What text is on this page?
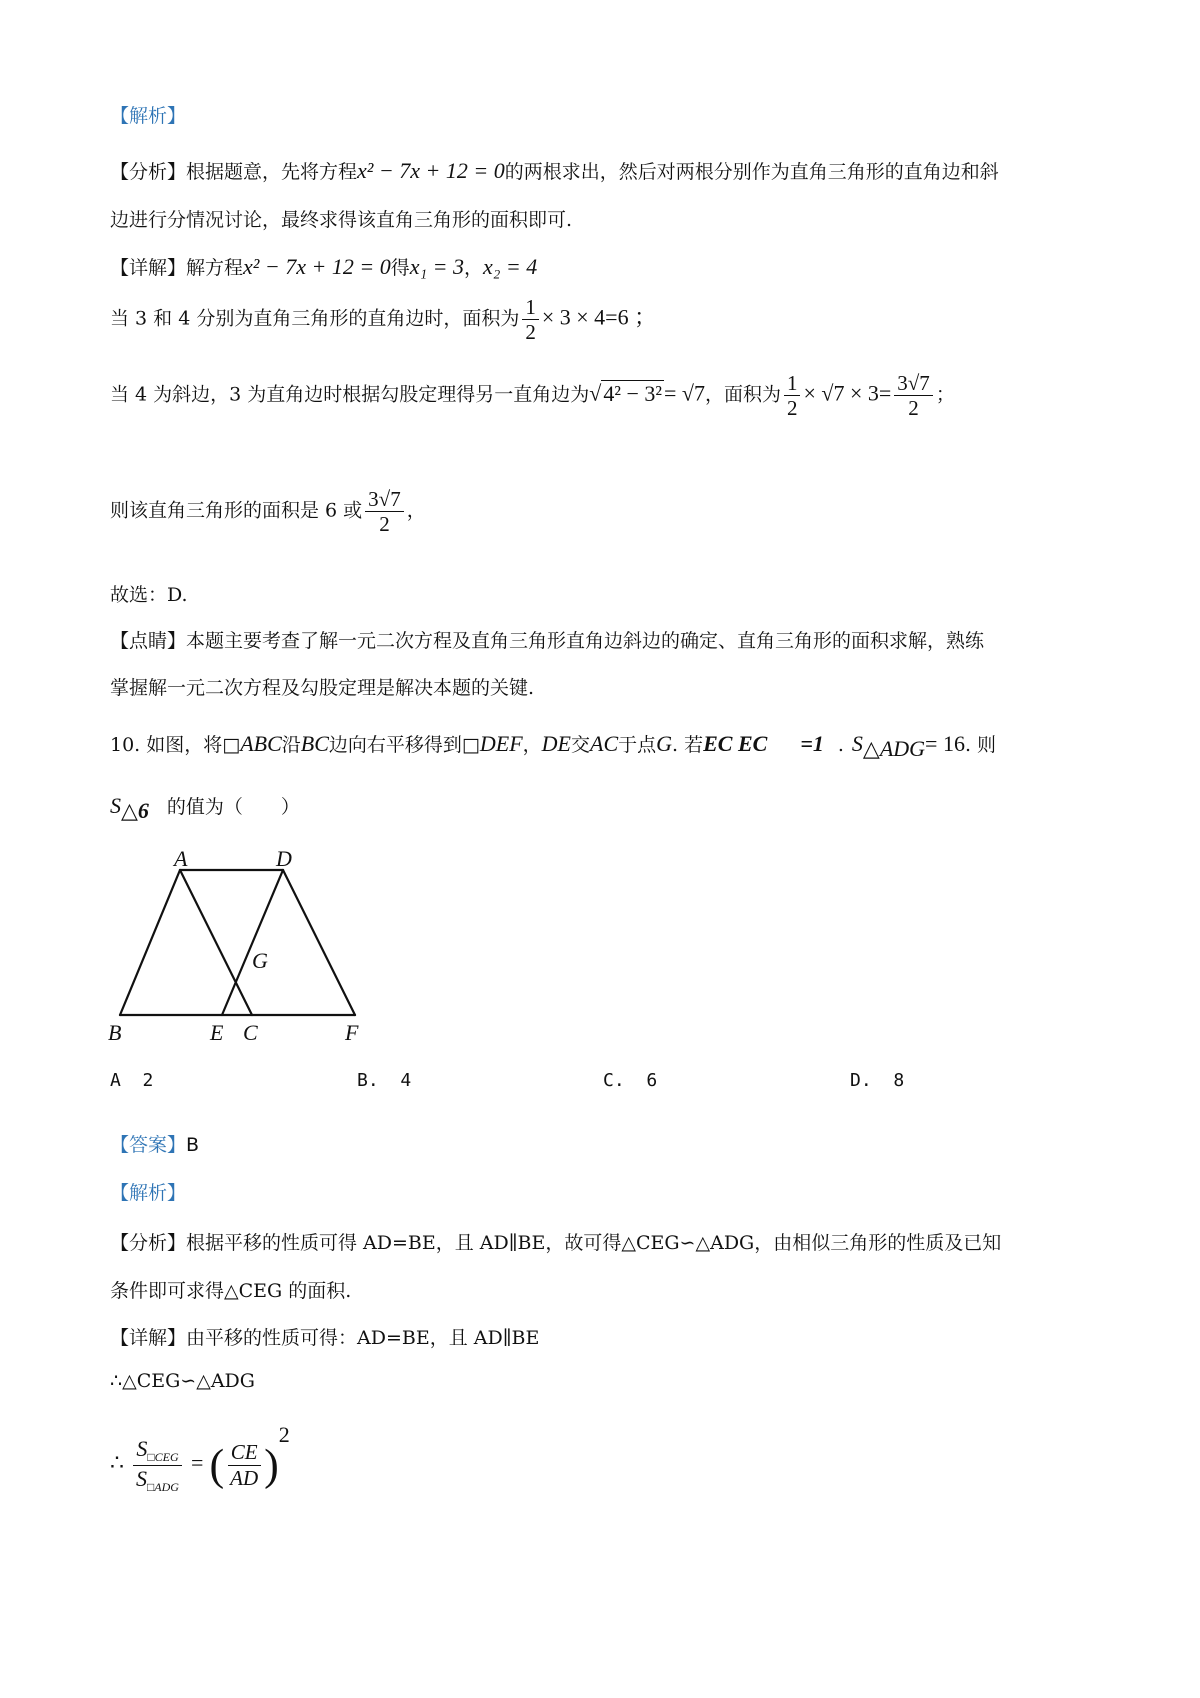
【解析】
【分析】根据题意，先将方程x² − 7x + 12 = 0的两根求出，然后对两根分别作为直角三角形的直角边和斜
边进行分情况讨论，最终求得该直角三角形的面积即可.
【详解】解方程x² − 7x + 12 = 0得x₁ = 3，x₂ = 4
当 3 和 4 分别为直角三角形的直角边时，面积为 $\frac{1}{2} \times 3 \times 4=6$ ；
当 4 为斜边，3 为直角边时根据勾股定理得另一直角边为√4² − 3²= √7，面积为 $\frac{1}{2} \times √7 \times 3= \frac{3√7}{2}$ ；
则该直角三角形的面积是 6 或 $\frac{3√7}{2}$ ，
故选：D.
【点睛】本题主要考查了解一元二次方程及直角三角形直角边斜边的确定、直角三角形的面积求解，熟练
掌握解一元二次方程及勾股定理是解决本题的关键.
10. 如图，将□ABC沿BC边向右平移得到□DEF，DE交AC于点G. 若EC EC      =1 . $S_{\triangle ADG}= 16$. 则
$S_{\triangle 6}$ 的值为（　　）
A	D
G
B	E C	F
A 2	B. 4	C. 6	D. 8
【答案】B
【解析】
【分析】根据平移的性质可得 AD=BE，且 AD∥BE，故可得△CEG∽△ADG，由相似三角形的性质及已知
条件即可求得△CEG 的面积.
【详解】由平移的性质可得：AD=BE，且 AD∥BE
∴△CEG∽△ADG
∴ $\frac{S_{□CEG}}{S_{□ADG}}$ = ( $\frac{CE}{AD} )^2$
